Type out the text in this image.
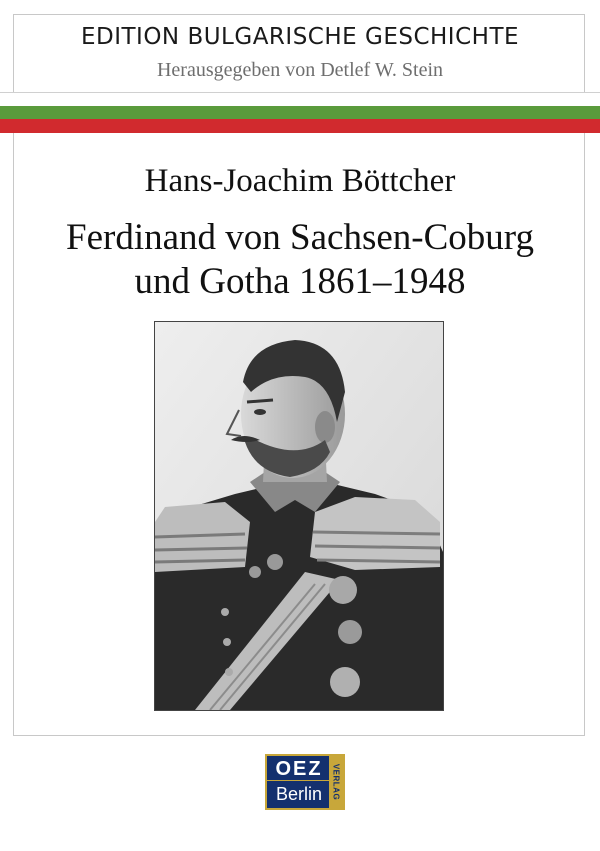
EDITION BULGARISCHE GESCHICHTE
Herausgegeben von Detlef W. Stein
Hans-Joachim Böttcher
Ferdinand von Sachsen-Coburg
und Gotha 1861–1948
OEZ
Berlin	VERLAG
